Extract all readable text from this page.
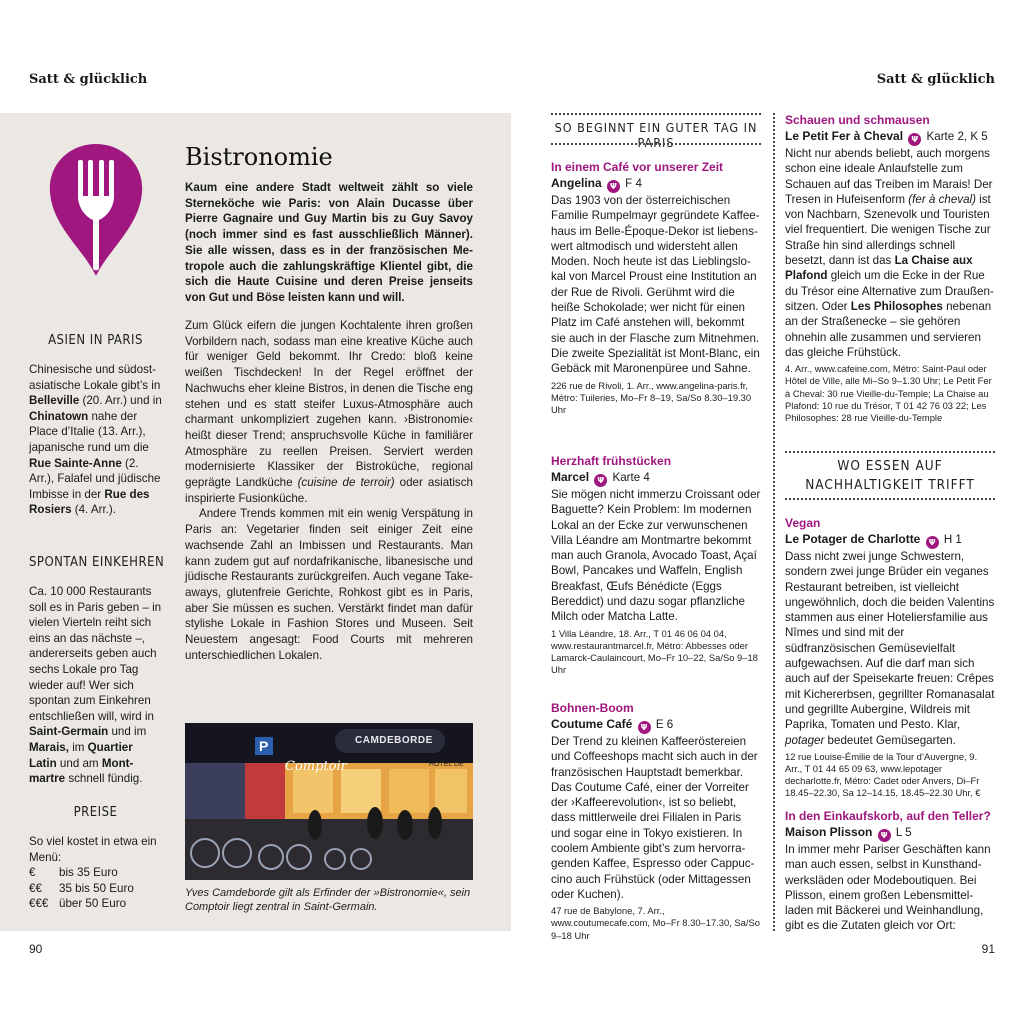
Satt & glücklich	Satt & glücklich
ASIEN IN PARIS

Chinesische und südostasiatische Lokale gibt’s in Belleville (20. Arr.) und in Chinatown nahe der Place d’Italie (13. Arr.), japanische rund um die Rue Sainte-Anne (2. Arr.), Falafel und jüdische Imbisse in der Rue des Rosiers (4. Arr.).

SPONTAN EINKEHREN

Ca. 10 000 Restaurants soll es in Paris geben – in vielen Vierteln reiht sich eins an das nächste –, andererseits geben auch sechs Lokale pro Tag wieder auf! Wer sich spontan zum Einkehren entschließen will, wird in Saint-Germain und im Marais, im Quartier Latin und am Montmartre schnell fündig.

PREISE

So viel kostet in etwa ein Menü:

€	bis 35 Euro
€€	35 bis 50 Euro
€€€ über 50 Euro
Bistronomie
Kaum eine andere Stadt weltweit zählt so viele Sterneköche wie Paris: von Alain Ducasse über Pierre Gagnaire und Guy Martin bis zu Guy Savoy (noch immer sind es fast ausschließlich Männer). Sie alle wissen, dass es in der französischen Metropole auch die zahlungskräftige Klientel gibt, die sich die Haute Cuisine und deren Preise jenseits von Gut und Böse leisten kann und will.

Zum Glück eifern die jungen Kochtalente ihren großen Vorbildern nach, sodass man eine kreative Küche auch für weniger Geld bekommt. Ihr Credo: bloß keine weißen Tischdecken! In der Regel eröffnet der Nachwuchs eher kleine Bistros, in denen die Tische eng stehen und es statt steifer Luxus-Atmosphäre auch charmant unkompliziert zugehen kann. ›Bistronomie‹ heißt dieser Trend; anspruchsvolle Küche in familiärer Atmosphäre zu reellen Preisen. Serviert werden modernisierte Klassiker der Bistroküche, regional geprägte Landküche (cuisine de terroir) oder asiatisch inspirierte Fusionküche.

Andere Trends kommen mit ein wenig Verspätung in Paris an: Vegetarier finden seit einiger Zeit eine wachsende Zahl an Imbissen und Restaurants. Man kann zudem gut auf nordafrikanische, libanesische und jüdische Restaurants zurückgreifen. Auch vegane Take-aways, glutenfreie Gerichte, Rohkost gibt es in Paris, aber Sie müssen es suchen. Verstärkt findet man dafür stylishe Lokale in Fashion Stores und Museen. Seit Neuestem angesagt: Food Courts mit mehreren unterschiedlichen Lokalen.

P	CAMDEBORDE
Comptoir	HÔTEL DE
Yves Camdeborde gilt als Erfinder der »Bistronomie«, sein Comptoir liegt zentral in Saint-Germain.
SO BEGINNT EIN GUTER TAG IN PARIS

In einem Café vor unserer Zeit

Angelina Ψ F 4

Das 1903 von der österreichischen Familie Rumpelmayr gegründete Kaffeehaus im Belle-Époque-Dekor ist liebenswert altmodisch und widersteht allen Moden. Noch heute ist das Lieblingslokal von Marcel Proust eine Institution an der Rue de Rivoli. Gerühmt wird die heiße Schokolade; wer nicht für einen Platz im Café anstehen will, bekommt sie auch in der Flasche zum Mitnehmen. Die zweite Spezialität ist Mont-Blanc, ein Gebäck mit Maronenpüree und Sahne.

226 rue de Rivoli, 1. Arr., www.angelina-paris.fr, Métro: Tuileries, Mo–Fr 8–19, Sa/So 8.30–19.30 Uhr

Herzhaft frühstücken

Marcel Ψ Karte 4

Sie mögen nicht immerzu Croissant oder Baguette? Kein Problem: Im modernen Lokal an der Ecke zur verwunschenen Villa Léandre am Montmartre bekommt man auch Granola, Avocado Toast, Açaí Bowl, Pancakes und Waffeln, English Breakfast, Œufs Bénédicte (Eggs Bereddict) und dazu sogar pflanzliche Milch oder Matcha Latte.

1 Villa Léandre, 18. Arr., T 01 46 06 04 04, www.restaurantmarcel.fr, Métro: Abbesses oder Lamarck-Caulaincourt, Mo–Fr 10–22, Sa/So 9–18 Uhr

Bohnen-Boom

Coutume Café Ψ E 6

Der Trend zu kleinen Kaffeeröstereien und Coffeeshops macht sich auch in der französischen Hauptstadt bemerkbar. Das Coutume Café, einer der Vorreiter der ›Kaffeerevolution‹, ist so beliebt, dass mittlerweile drei Filialen in Paris und sogar eine in Tokyo existieren. In coolem Ambiente gibt’s zum hervorragenden Kaffee, Espresso oder Cappuccino auch Frühstück (oder Mittagessen oder Kuchen).

47 rue de Babylone, 7. Arr., www.coutumecafe.com, Mo–Fr 8.30–17.30, Sa/So 9–18 Uhr

Schauen und schmausen

Le Petit Fer à Cheval Ψ Karte 2, K 5

Nicht nur abends beliebt, auch morgens schon eine ideale Anlaufstelle zum Schauen auf das Treiben im Marais! Der Tresen in Hufeisenform (fer à cheval) ist von Nachbarn, Szenevolk und Touristen viel frequentiert. Die wenigen Tische zur Straße hin sind allerdings schnell besetzt, dann ist das La Chaise aux Plafond gleich um die Ecke in der Rue du Trésor eine Alternative zum Draußensitzen. Oder Les Philosophes nebenan an der Straßenecke – sie gehören ohnehin alle zusammen und servieren das gleiche Frühstück.

4. Arr., www.cafeine.com, Métro: Saint-Paul oder Hôtel de Ville, alle Mi–So 9–1.30 Uhr; Le Petit Fer à Cheval: 30 rue Vieille-du-Temple; La Chaise au Plafond: 10 rue du Trésor, T 01 42 76 03 22; Les Philosophes: 28 rue Vieille-du-Temple

WO ESSEN AUF NACHHALTIGKEIT TRIFFT

Vegan

Le Potager de Charlotte Ψ H 1

Dass nicht zwei junge Schwestern, sondern zwei junge Brüder ein veganes Restaurant betreiben, ist vielleicht ungewöhnlich, doch die beiden Valentins stammen aus einer Hoteliersfamilie aus Nîmes und sind mit der südfranzösischen Gemüsevielfalt aufgewachsen. Auf die darf man sich auch auf der Speisekarte freuen: Crêpes mit Kichererbsen, gegrillter Romanasalat und gegrillte Aubergine, Wildreis mit Paprika, Tomaten und Pesto. Klar, potager bedeutet Gemüsegarten.

12 rue Louise-Émilie de la Tour d’Auvergne, 9. Arr., T 01 44 65 09 63, www.lepotager decharlotte.fr, Métro: Cadet oder Anvers, Di–Fr 18.45–22.30, Sa 12–14.15, 18.45–22.30 Uhr, €

In den Einkaufskorb, auf den Teller?

Maison Plisson Ψ L 5

In immer mehr Pariser Geschäften kann man auch essen, selbst in Kunsthandwerksläden oder Modeboutiquen. Bei Plisson, einem großen Lebensmittelladen mit Bäckerei und Weinhandlung, gibt es die Zutaten gleich vor Ort:

90	91
